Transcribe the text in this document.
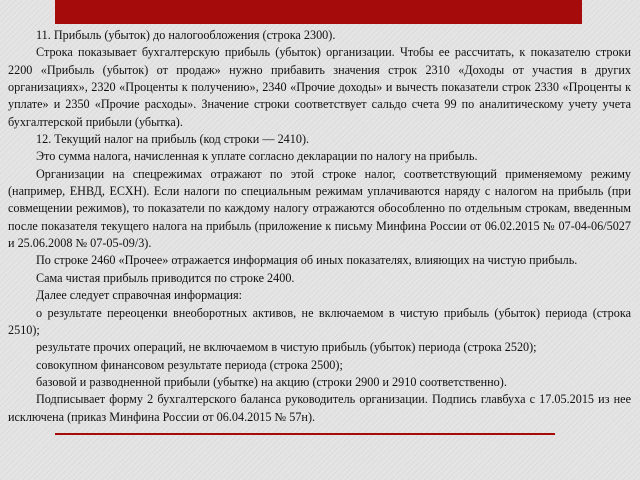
11. Прибыль (убыток) до налогообложения (строка 2300).

Строка показывает бухгалтерскую прибыль (убыток) организации. Чтобы ее рассчитать, к показателю строки 2200 «Прибыль (убыток) от продаж» нужно прибавить значения строк 2310 «Доходы от участия в других организациях», 2320 «Проценты к получению», 2340 «Прочие доходы» и вычесть показатели строк 2330 «Проценты к уплате» и 2350 «Прочие расходы». Значение строки соответствует сальдо счета 99 по аналитическому учету учета бухгалтерской прибыли (убытка).

12. Текущий налог на прибыль (код строки — 2410).

Это сумма налога, начисленная к уплате согласно декларации по налогу на прибыль.

Организации на спецрежимах отражают по этой строке налог, соответствующий применяемому режиму (например, ЕНВД, ЕСХН). Если налоги по специальным режимам уплачиваются наряду с налогом на прибыль (при совмещении режимов), то показатели по каждому налогу отражаются обособленно по отдельным строкам, введенным после показателя текущего налога на прибыль (приложение к письму Минфина России от 06.02.2015 № 07-04-06/5027 и 25.06.2008 № 07-05-09/3).

По строке 2460 «Прочее» отражается информация об иных показателях, влияющих на чистую прибыль.

Сама чистая прибыль приводится по строке 2400.

Далее следует справочная информация:

о результате переоценки внеоборотных активов, не включаемом в чистую прибыль (убыток) периода (строка 2510);

результате прочих операций, не включаемом в чистую прибыль (убыток) периода (строка 2520);

совокупном финансовом результате периода (строка 2500);

базовой и разводненной прибыли (убытке) на акцию (строки 2900 и 2910 соответственно).

Подписывает форму 2 бухгалтерского баланса руководитель организации. Подпись главбуха с 17.05.2015 из нее исключена (приказ Минфина России от 06.04.2015 № 57н).
